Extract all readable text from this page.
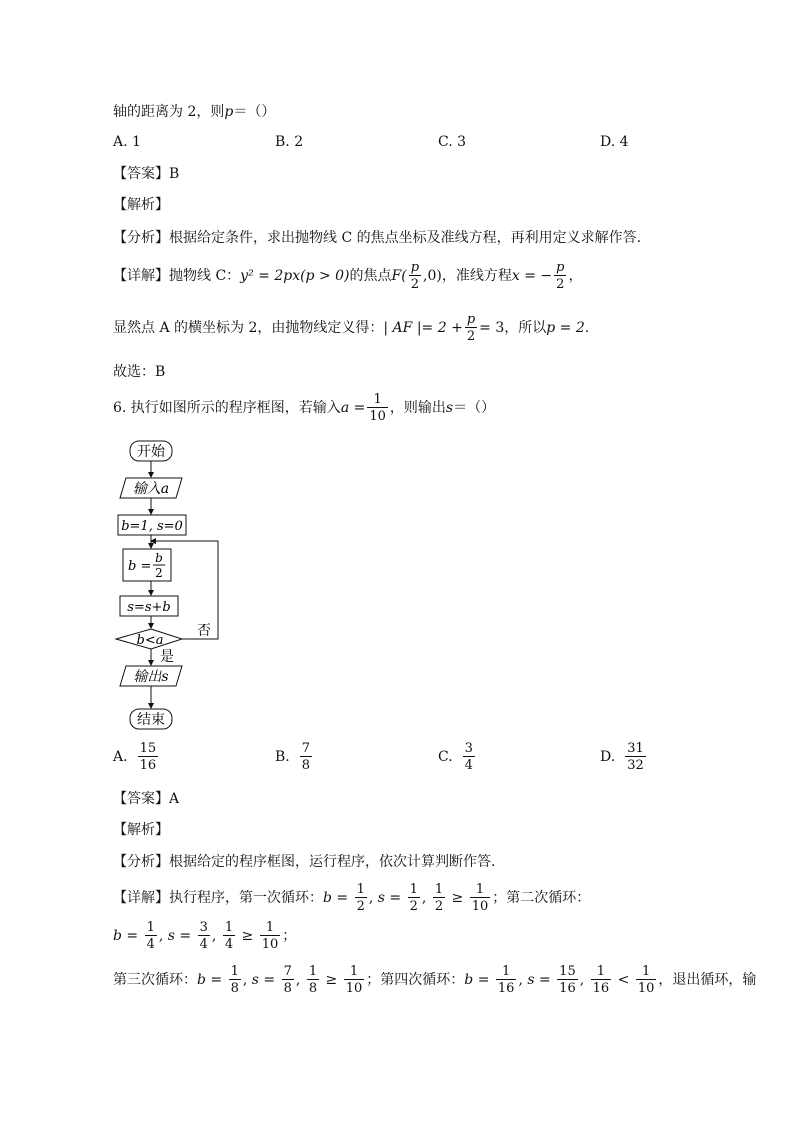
轴的距离为 2，则p＝（）
A. 1	B. 2	C. 3	D. 4
【答案】B
【解析】
【分析】根据给定条件，求出抛物线 C 的焦点坐标及准线方程，再利用定义求解作答.
【详解】抛物线 C：y² = 2px(p > 0)的焦点$F( \frac{p}{2} ,0)$，准线方程x = − $\frac{p}{2}$ ，
显然点 A 的横坐标为 2，由抛物线定义得：| AF |= $2 + \frac{p}{2} = 3$，所以p = 2.
故选：B
6. 执行如图所示的程序框图，若输入$a = \frac{1}{10}$ ，则输出s＝（）
开始
输入a
b=1, s=0
b =
b
2
s=s+b
b<a
否
是
输出s
结束
A. $\frac{15}{16}$	B. $\frac{7}{8}$	C. $\frac{3}{4}$	D. $\frac{31}{32}$
【答案】A
【解析】
【分析】根据给定的程序框图，运行程序，依次计算判断作答.
【详解】执行程序，第一次循环：$b = \frac{1}{2}$ , $s = \frac{1}{2}$ , $\frac{1}{2} \ge \frac{1}{10}$ ；第二次循环：
$b = \frac{1}{4}$ , $s = \frac{3}{4}$ , $\frac{1}{4} \ge \frac{1}{10}$ ；
第三次循环：$b = \frac{1}{8}$ , $s = \frac{7}{8}$ , $\frac{1}{8} \ge \frac{1}{10}$ ；第四次循环：$b = \frac{1}{16}$ , $s = \frac{15}{16}$ , $\frac{1}{16} < \frac{1}{10}$ ，退出循环，输
